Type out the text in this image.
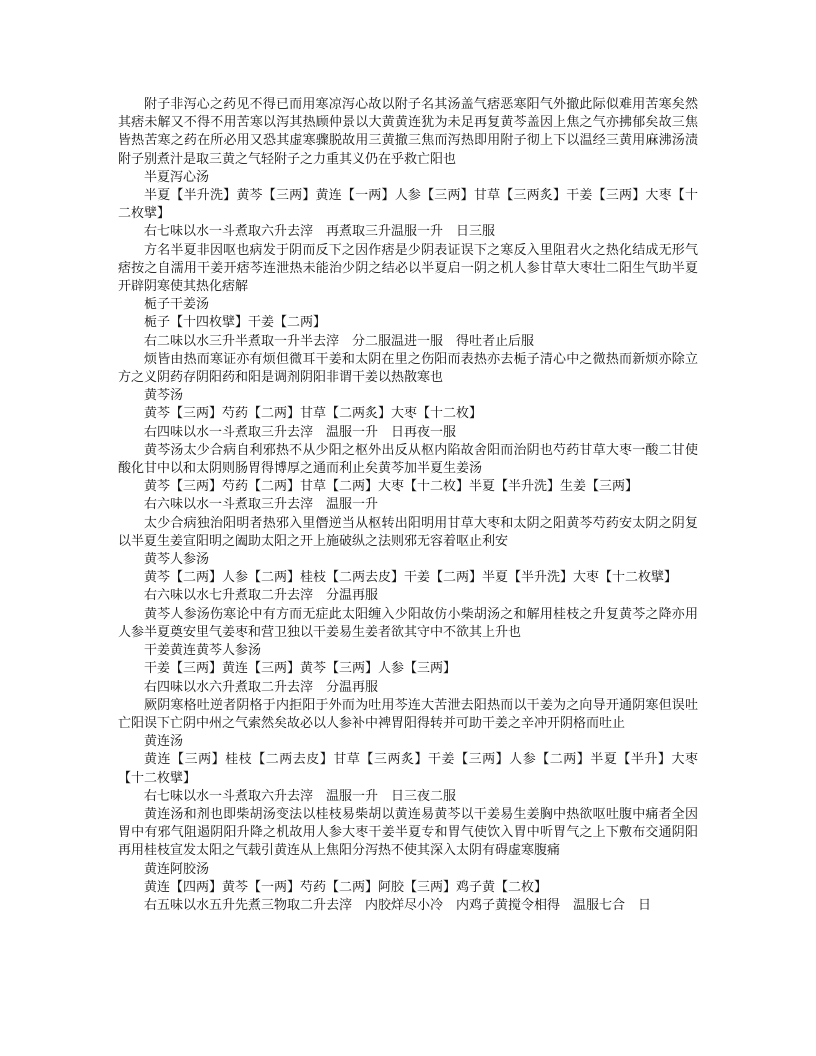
附子非泻心之药见不得已而用寒凉泻心故以附子名其汤盖气痞恶寒阳气外撤此际似难用苦寒矣然其痞未解又不得不用苦寒以泻其热顾仲景以大黄黄连犹为未足再复黄芩盖因上焦之气亦拂郁矣故三焦皆热苦寒之药在所必用又恐其虚寒骤脱故用三黄撤三焦而泻热即用附子彻上下以温经三黄用麻沸汤渍附子别煮汁是取三黄之气轻附子之力重其义仍在乎救亡阳也

半夏泻心汤

半夏【半升洗】黄芩【三两】黄连【一两】人参【三两】甘草【三两炙】干姜【三两】大枣【十二枚擘】

右七味以水一斗煮取六升去滓　再煮取三升温服一升　日三服

方名半夏非因呕也病发于阴而反下之因作痞是少阴表证误下之寒反入里阻君火之热化结成无形气痞按之自濡用干姜开痞芩连泄热未能治少阴之结必以半夏启一阴之机人参甘草大枣壮二阳生气助半夏开辟阴寒使其热化痞解

栀子干姜汤

栀子【十四枚擘】干姜【二两】

右二味以水三升半煮取一升半去滓　分二服温进一服　得吐者止后服

烦皆由热而寒证亦有烦但微耳干姜和太阴在里之伤阳而表热亦去栀子清心中之微热而新烦亦除立方之义阴药存阴阳药和阳是调剂阴阳非谓干姜以热散寒也

黄芩汤

黄芩【三两】芍药【二两】甘草【二两炙】大枣【十二枚】

右四味以水一斗煮取三升去滓　温服一升　日再夜一服

黄芩汤太少合病自利邪热不从少阳之枢外出反从枢内陷故舍阳而治阴也芍药甘草大枣一酸二甘使酸化甘中以和太阴则肠胃得博厚之通而利止矣黄芩加半夏生姜汤

黄芩【三两】芍药【二两】甘草【二两】大枣【十二枚】半夏【半升洗】生姜【三两】

右六味以水一斗煮取三升去滓　温服一升

太少合病独治阳明者热邪入里僭逆当从枢转出阳明用甘草大枣和太阴之阳黄芩芍药安太阴之阴复以半夏生姜宣阳明之阖助太阳之开上施破纵之法则邪无容着呕止利安

黄芩人参汤

黄芩【二两】人参【二两】桂枝【二两去皮】干姜【二两】半夏【半升洗】大枣【十二枚擘】

右六味以水七升煮取二升去滓　分温再服

黄芩人参汤伤寒论中有方而无症此太阳缠入少阳故仿小柴胡汤之和解用桂枝之升复黄芩之降亦用人参半夏奠安里气姜枣和营卫独以干姜易生姜者欲其守中不欲其上升也

干姜黄连黄芩人参汤

干姜【三两】黄连【三两】黄芩【三两】人参【三两】

右四味以水六升煮取二升去滓　分温再服

厥阴寒格吐逆者阴格于内拒阳于外而为吐用芩连大苦泄去阳热而以干姜为之向导开通阴寒但误吐亡阳误下亡阴中州之气索然矣故必以人参补中裨胃阳得转并可助干姜之辛冲开阴格而吐止

黄连汤

黄连【三两】桂枝【二两去皮】甘草【三两炙】干姜【三两】人参【二两】半夏【半升】大枣【十二枚擘】

右七味以水一斗煮取六升去滓　温服一升　日三夜二服

黄连汤和剂也即柴胡汤变法以桂枝易柴胡以黄连易黄芩以干姜易生姜胸中热欲呕吐腹中痛者全因胃中有邪气阻遏阴阳升降之机故用人参大枣干姜半夏专和胃气使饮入胃中听胃气之上下敷布交通阴阳再用桂枝宣发太阳之气载引黄连从上焦阳分泻热不使其深入太阴有碍虚寒腹痛

黄连阿胶汤

黄连【四两】黄芩【一两】芍药【二两】阿胶【三两】鸡子黄【二枚】

右五味以水五升先煮三物取二升去滓　内胶烊尽小冷　内鸡子黄搅令相得　温服七合　日
